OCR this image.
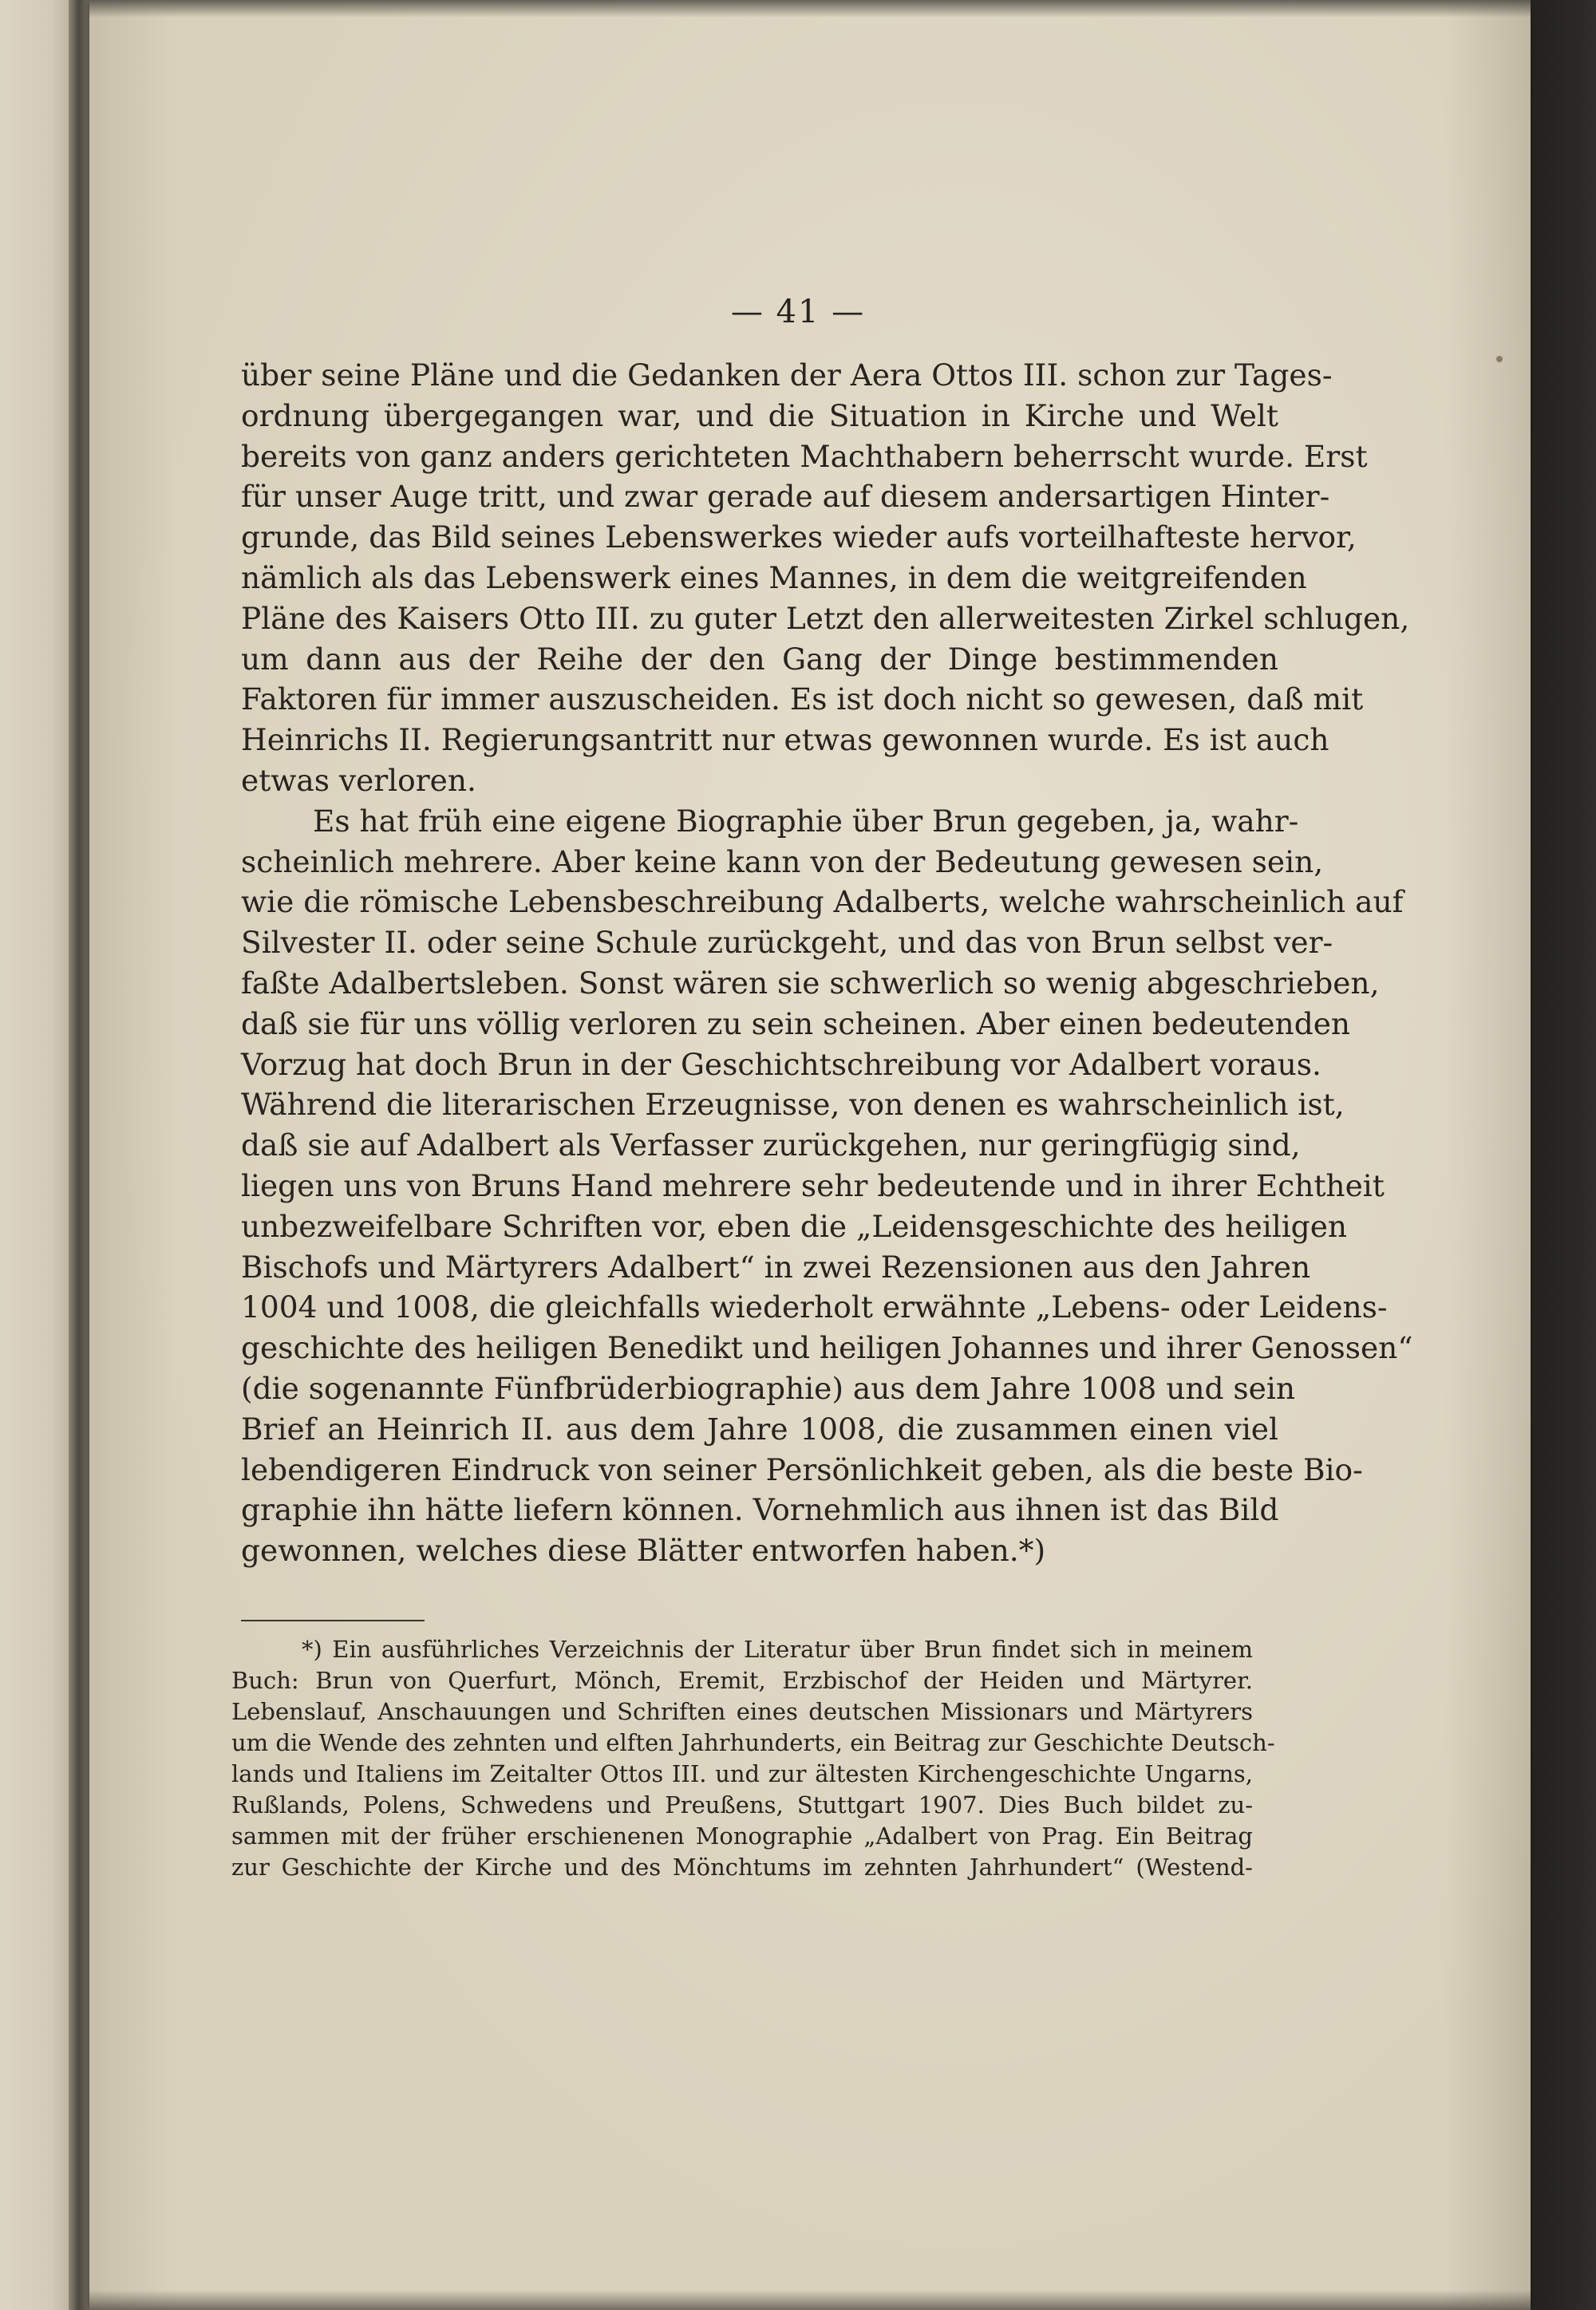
— 41 —
über seine Pläne und die Gedanken der Aera Ottos III. schon zur Tages-
ordnung übergegangen war, und die Situation in Kirche und Welt
bereits von ganz anders gerichteten Machthabern beherrscht wurde. Erst
für unser Auge tritt, und zwar gerade auf diesem andersartigen Hinter-
grunde, das Bild seines Lebenswerkes wieder aufs vorteilhafteste hervor,
nämlich als das Lebenswerk eines Mannes, in dem die weitgreifenden
Pläne des Kaisers Otto III. zu guter Letzt den allerweitesten Zirkel schlugen,
um dann aus der Reihe der den Gang der Dinge bestimmenden
Faktoren für immer auszuscheiden. Es ist doch nicht so gewesen, daß mit
Heinrichs II. Regierungsantritt nur etwas gewonnen wurde. Es ist auch
etwas verloren.
Es hat früh eine eigene Biographie über Brun gegeben, ja, wahr-
scheinlich mehrere. Aber keine kann von der Bedeutung gewesen sein,
wie die römische Lebensbeschreibung Adalberts, welche wahrscheinlich auf
Silvester II. oder seine Schule zurückgeht, und das von Brun selbst ver-
faßte Adalbertsleben. Sonst wären sie schwerlich so wenig abgeschrieben,
daß sie für uns völlig verloren zu sein scheinen. Aber einen bedeutenden
Vorzug hat doch Brun in der Geschichtschreibung vor Adalbert voraus.
Während die literarischen Erzeugnisse, von denen es wahrscheinlich ist,
daß sie auf Adalbert als Verfasser zurückgehen, nur geringfügig sind,
liegen uns von Bruns Hand mehrere sehr bedeutende und in ihrer Echtheit
unbezweifelbare Schriften vor, eben die „Leidensgeschichte des heiligen
Bischofs und Märtyrers Adalbert“ in zwei Rezensionen aus den Jahren
1004 und 1008, die gleichfalls wiederholt erwähnte „Lebens- oder Leidens-
geschichte des heiligen Benedikt und heiligen Johannes und ihrer Genossen“
(die sogenannte Fünfbrüderbiographie) aus dem Jahre 1008 und sein
Brief an Heinrich II. aus dem Jahre 1008, die zusammen einen viel
lebendigeren Eindruck von seiner Persönlichkeit geben, als die beste Bio-
graphie ihn hätte liefern können. Vornehmlich aus ihnen ist das Bild
gewonnen, welches diese Blätter entworfen haben.*)
*) Ein ausführliches Verzeichnis der Literatur über Brun findet sich in meinem
Buch: Brun von Querfurt, Mönch, Eremit, Erzbischof der Heiden und Märtyrer.
Lebenslauf, Anschauungen und Schriften eines deutschen Missionars und Märtyrers
um die Wende des zehnten und elften Jahrhunderts, ein Beitrag zur Geschichte Deutsch-
lands und Italiens im Zeitalter Ottos III. und zur ältesten Kirchengeschichte Ungarns,
Rußlands, Polens, Schwedens und Preußens, Stuttgart 1907. Dies Buch bildet zu-
sammen mit der früher erschienenen Monographie „Adalbert von Prag. Ein Beitrag
zur Geschichte der Kirche und des Mönchtums im zehnten Jahrhundert“ (Westend-
